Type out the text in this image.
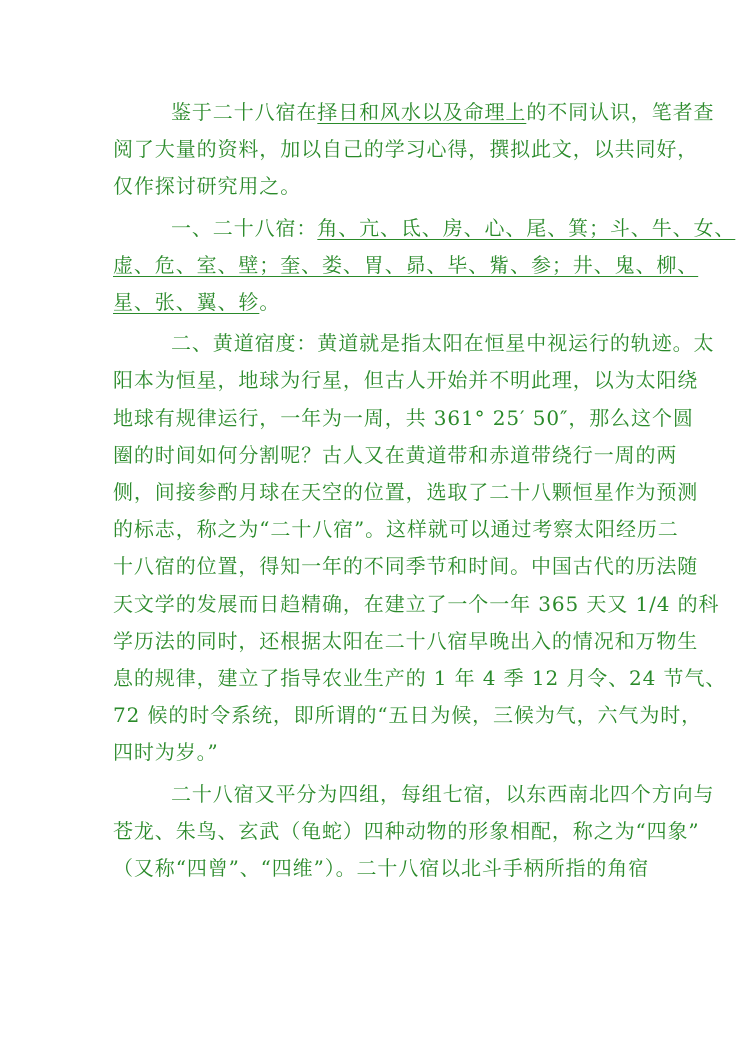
鉴于二十八宿在择日和风水以及命理上的不同认识，笔者查
阅了大量的资料，加以自己的学习心得，撰拟此文，以共同好，
仅作探讨研究用之。
一、二十八宿：角、亢、氐、房、心、尾、箕；斗、牛、女、
虚、危、室、壁；奎、娄、胃、昴、毕、觜、参；井、鬼、柳、
星、张、翼、轸。
二、黄道宿度：黄道就是指太阳在恒星中视运行的轨迹。太
阳本为恒星，地球为行星，但古人开始并不明此理，以为太阳绕
地球有规律运行，一年为一周，共 361° 25′ 50″，那么这个圆
圈的时间如何分割呢？古人又在黄道带和赤道带绕行一周的两
侧，间接参酌月球在天空的位置，选取了二十八颗恒星作为预测
的标志，称之为“二十八宿”。这样就可以通过考察太阳经历二
十八宿的位置，得知一年的不同季节和时间。中国古代的历法随
天文学的发展而日趋精确，在建立了一个一年 365 天又 1/4 的科
学历法的同时，还根据太阳在二十八宿早晚出入的情况和万物生
息的规律，建立了指导农业生产的 1 年 4 季 12 月令、24 节气、
72 候的时令系统，即所谓的“五日为候，三候为气，六气为时，
四时为岁。”
二十八宿又平分为四组，每组七宿，以东西南北四个方向与
苍龙、朱鸟、玄武（龟蛇）四种动物的形象相配，称之为“四象”
（又称“四曾”、“四维”）。二十八宿以北斗手柄所指的角宿
